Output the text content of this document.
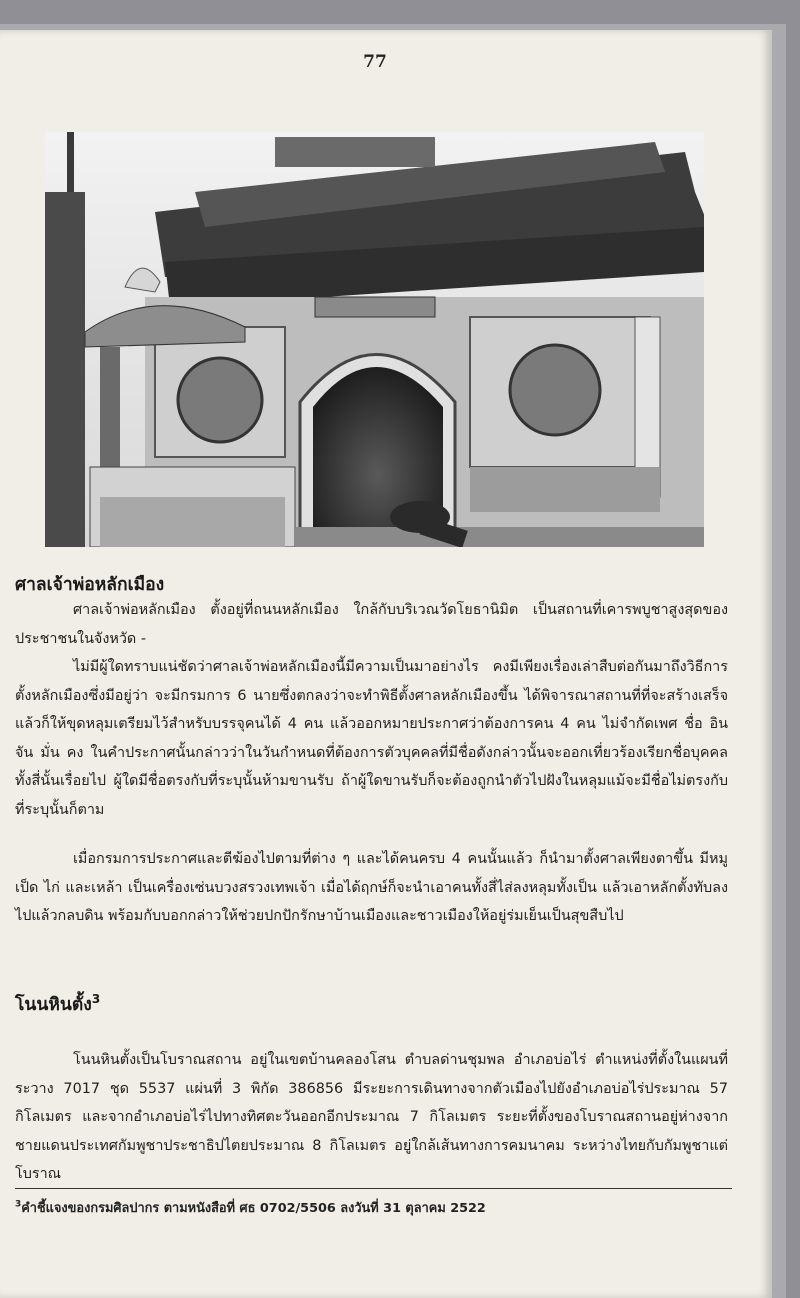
77
ศาลเจ้าพ่อหลักเมือง
ศาลเจ้าพ่อหลักเมือง ตั้งอยู่ที่ถนนหลักเมือง ใกล้กับบริเวณวัดโยธานิมิต เป็นสถานที่เคารพบูชาสูงสุดของประชาชนในจังหวัด -
ไม่มีผู้ใดทราบแน่ชัดว่าศาลเจ้าพ่อหลักเมืองนี้มีความเป็นมาอย่างไร คงมีเพียงเรื่องเล่าสืบต่อกันมาถึงวิธีการตั้งหลักเมืองซึ่งมีอยู่ว่า จะมีกรมการ 6 นายซึ่งตกลงว่าจะทำพิธีตั้งศาลหลักเมืองขึ้น ได้พิจารณาสถานที่ที่จะสร้างเสร็จแล้วก็ให้ขุดหลุมเตรียมไว้สำหรับบรรจุคนได้ 4 คน แล้วออกหมายประกาศว่าต้องการคน 4 คน ไม่จำกัดเพศ ชื่อ อิน จัน มั่น คง ในคำประกาศนั้นกล่าวว่าในวันกำหนดที่ต้องการตัวบุคคลที่มีชื่อดังกล่าวนั้นจะออกเที่ยวร้องเรียกชื่อบุคคลทั้งสี่นั้นเรื่อยไป ผู้ใดมีชื่อตรงกับที่ระบุนั้นห้ามขานรับ ถ้าผู้ใดขานรับก็จะต้องถูกนำตัวไปฝังในหลุมแม้จะมีชื่อไม่ตรงกับที่ระบุนั้นก็ตาม
เมื่อกรมการประกาศและตีฆ้องไปตามที่ต่าง ๆ และได้คนครบ 4 คนนั้นแล้ว ก็นำมาตั้งศาลเพียงตาขึ้น มีหมู เป็ด ไก่ และเหล้า เป็นเครื่องเซ่นบวงสรวงเทพเจ้า เมื่อได้ฤกษ์ก็จะนำเอาคนทั้งสี่ไส่ลงหลุมทั้งเป็น แล้วเอาหลักตั้งทับลงไปแล้วกลบดิน พร้อมกับบอกกล่าวให้ช่วยปกปักรักษาบ้านเมืองและชาวเมืองให้อยู่ร่มเย็นเป็นสุขสืบไป
โนนหินตั้ง$^3$
โนนหินตั้งเป็นโบราณสถาน อยู่ในเขตบ้านคลองโสน ตำบลด่านชุมพล อำเภอบ่อไร่ ตำแหน่งที่ตั้งในแผนที่ระวาง 7017 ชุด 5537 แผ่นที่ 3 พิกัด 386856 มีระยะการเดินทางจากตัวเมืองไปยังอำเภอบ่อไร่ประมาณ 57 กิโลเมตร และจากอำเภอบ่อไร่ไปทางทิศตะวันออกอีกประมาณ 7 กิโลเมตร ระยะที่ตั้งของโบราณสถานอยู่ห่างจากชายแดนประเทศกัมพูชาประชาธิปไตยประมาณ 8 กิโลเมตร อยู่ใกล้เส้นทางการคมนาคม ระหว่างไทยกับกัมพูชาแต่โบราณ
$^3$คำชี้แจงของกรมศิลปากร ตามหนังสือที่ ศธ 0702/5506 ลงวันที่ 31 ตุลาคม 2522
